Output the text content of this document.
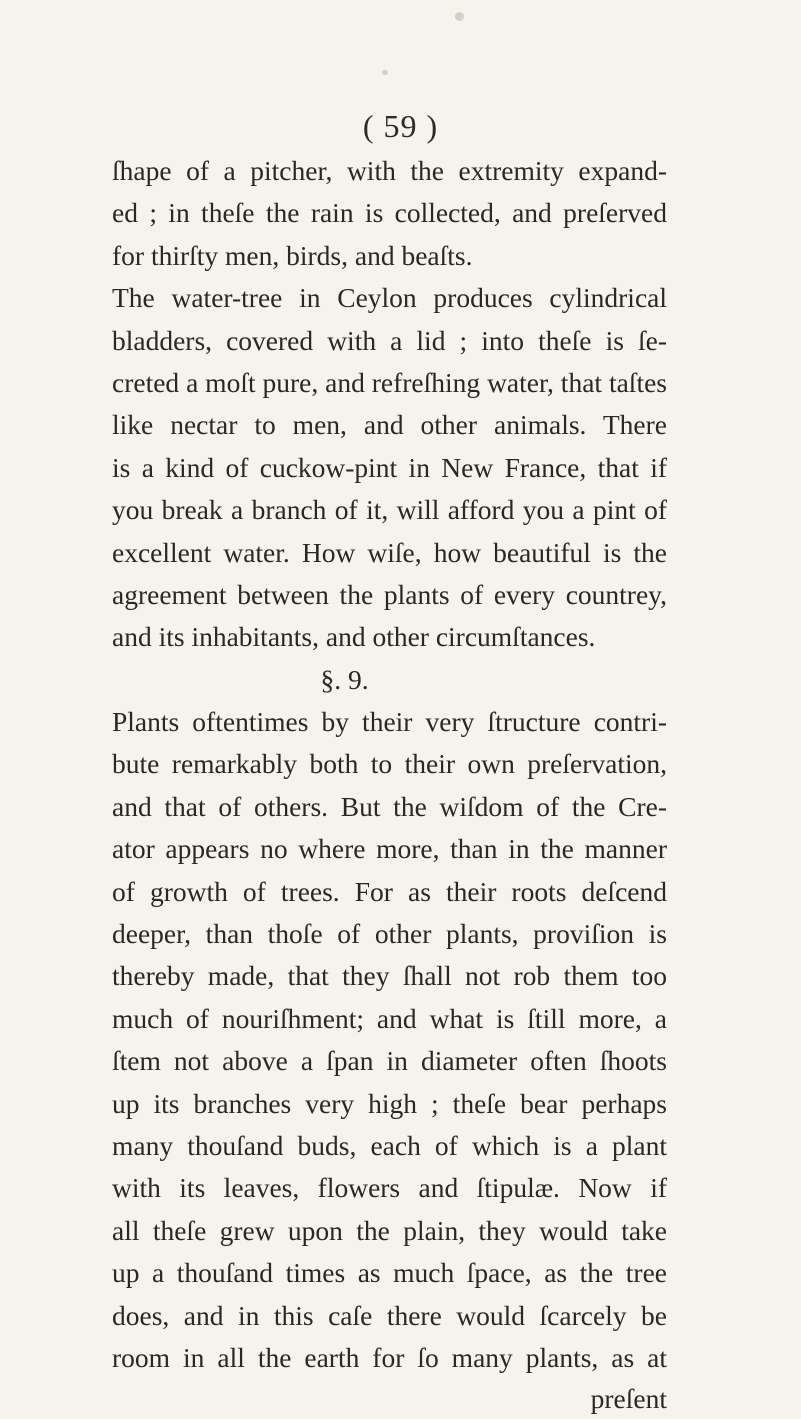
( 59 )
ſhape of a pitcher, with the extremity expand-
ed ; in theſe the rain is collected, and preſerved
for thirſty men, birds, and beaſts.
The water-tree in Ceylon produces cylindrical
bladders, covered with a lid ; into theſe is ſe-
creted a moſt pure, and refreſhing water, that taſtes
like nectar to men, and other animals. There
is a kind of cuckow-pint in New France, that if
you break a branch of it, will afford you a pint of
excellent water. How wiſe, how beautiful is the
agreement between the plants of every countrey,
and its inhabitants, and other circumſtances.
§. 9.
Plants oftentimes by their very ſtructure contri-
bute remarkably both to their own preſervation,
and that of others. But the wiſdom of the Cre-
ator appears no where more, than in the manner
of growth of trees. For as their roots deſcend
deeper, than thoſe of other plants, proviſion is
thereby made, that they ſhall not rob them too
much of nouriſhment; and what is ſtill more, a
ſtem not above a ſpan in diameter often ſhoots
up its branches very high ; theſe bear perhaps
many thouſand buds, each of which is a plant
with its leaves, flowers and ſtipulæ. Now if
all theſe grew upon the plain, they would take
up a thouſand times as much ſpace, as the tree
does, and in this caſe there would ſcarcely be
room in all the earth for ſo many plants, as at
preſent
